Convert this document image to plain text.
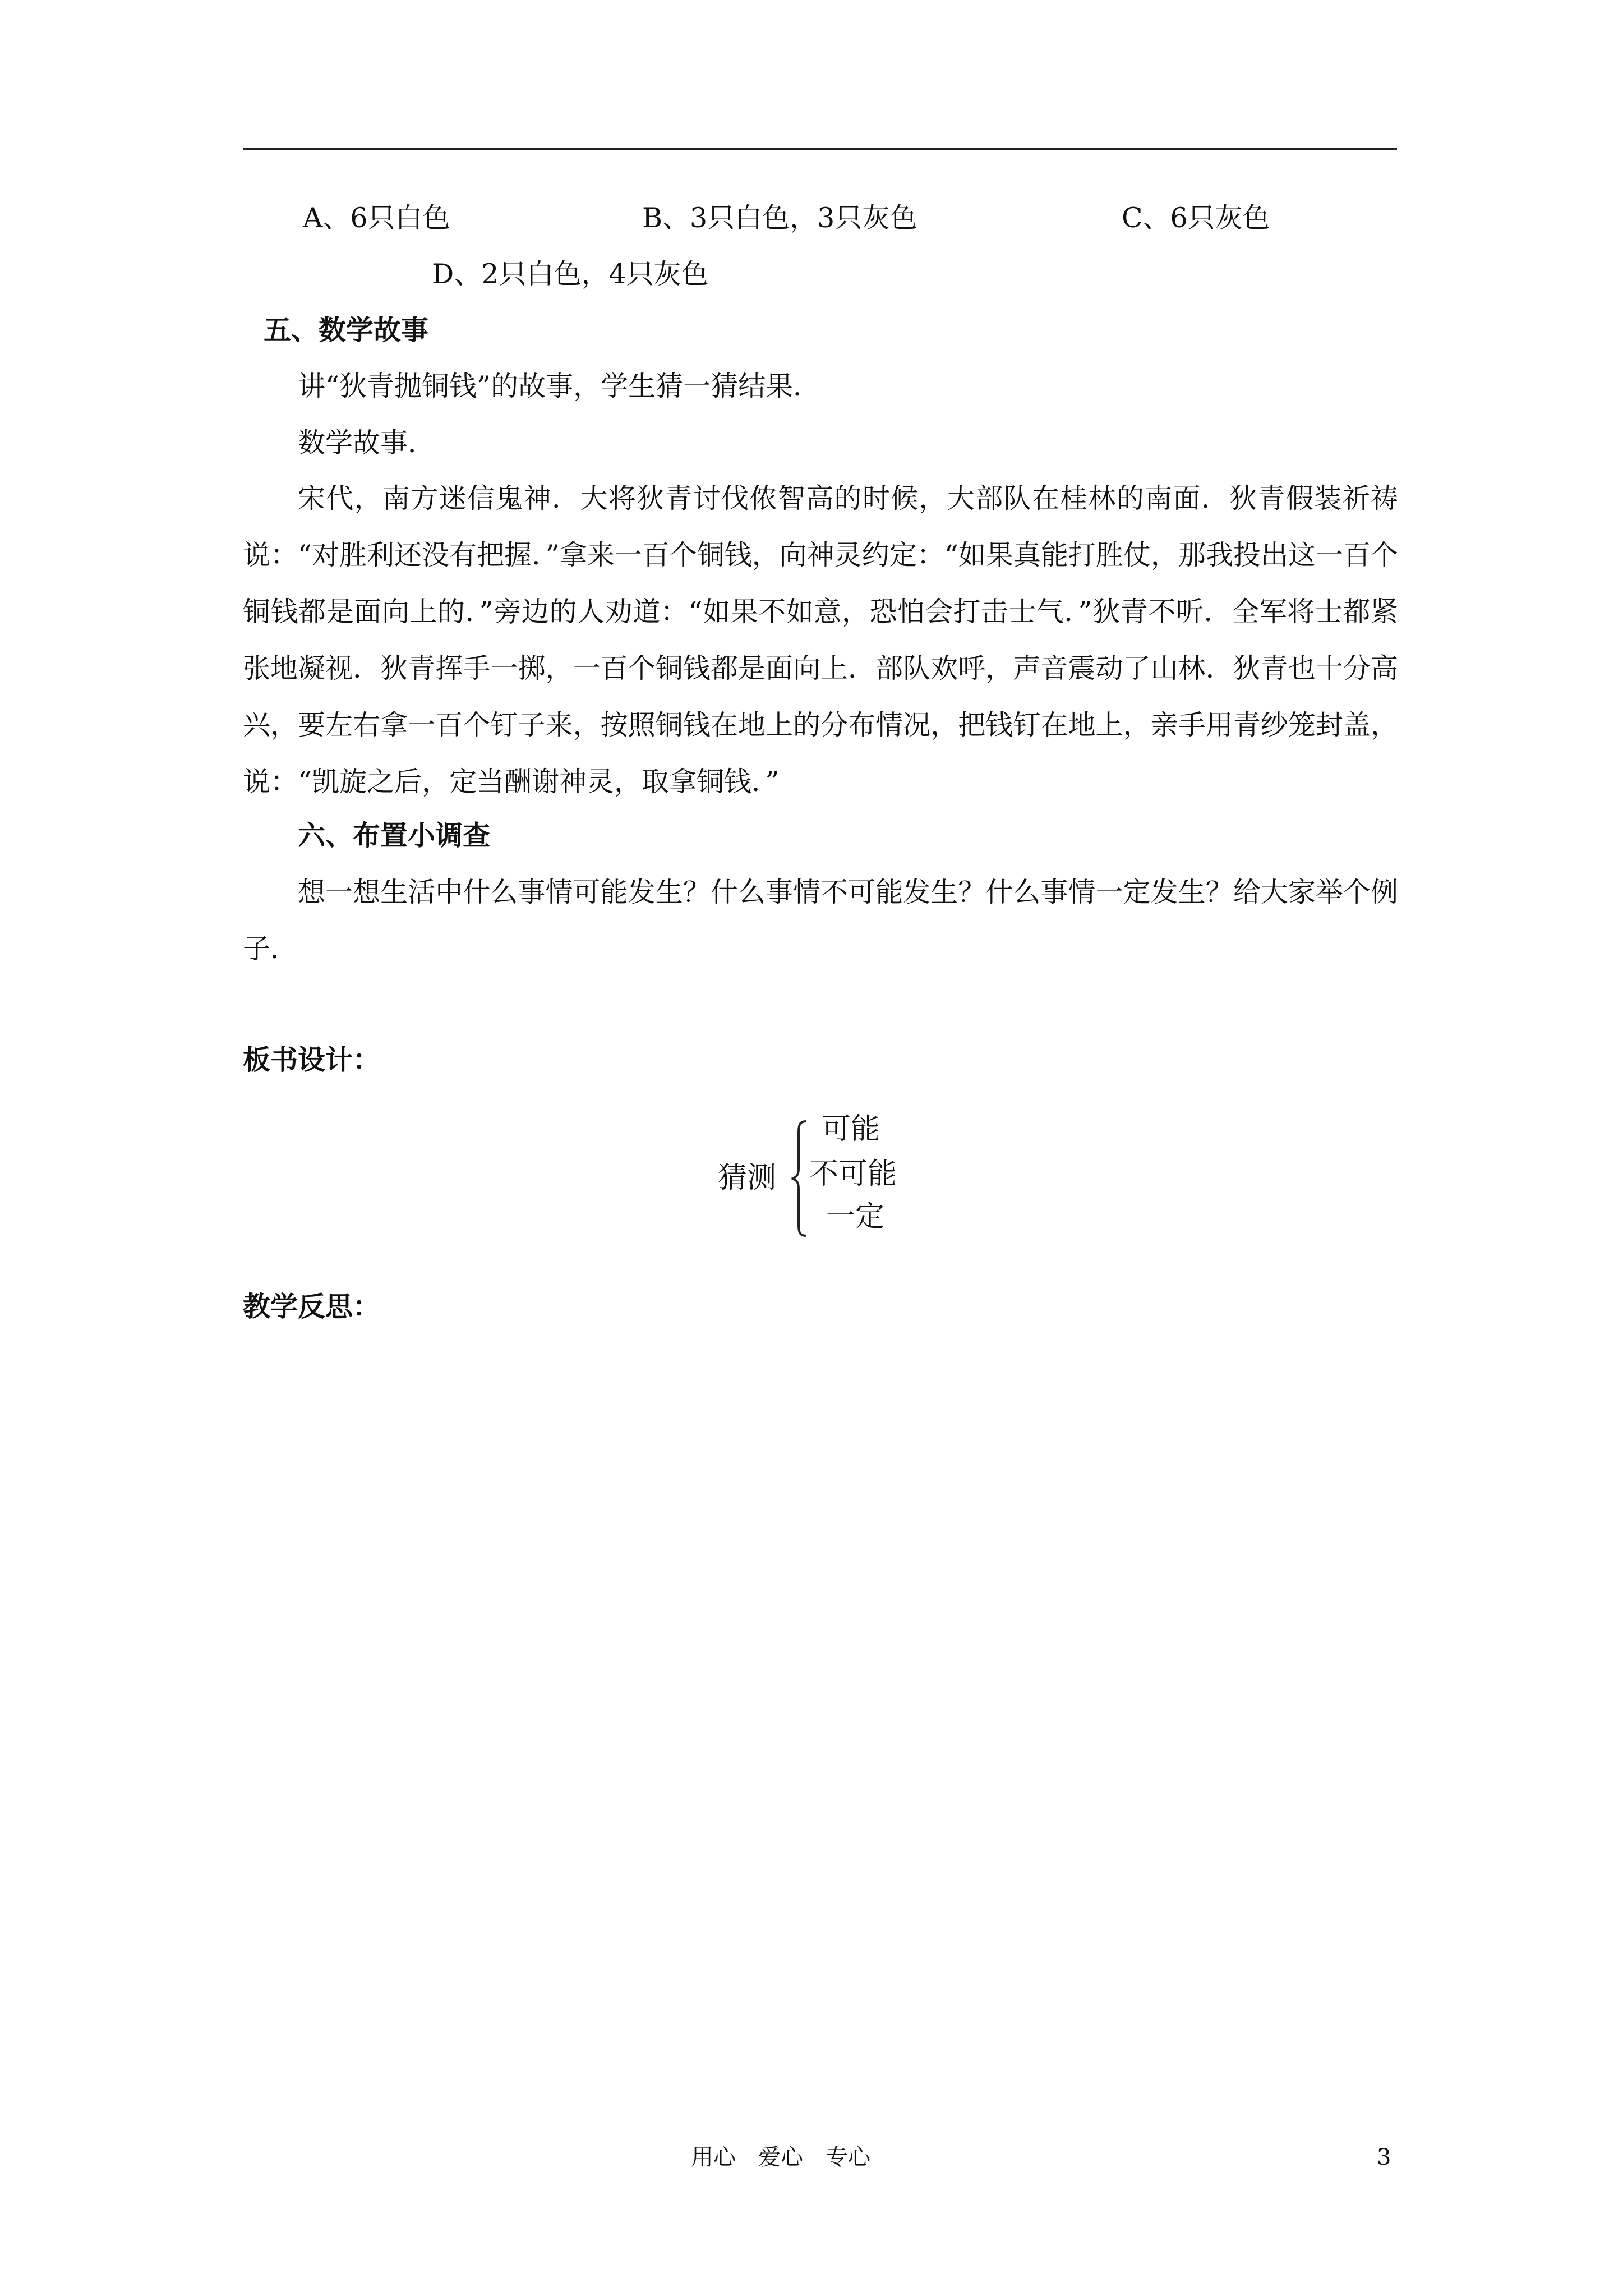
A、6只白色	B、3只白色，3只灰色	C、6只灰色
D、2只白色，4只灰色
五、数学故事
讲“狄青抛铜钱”的故事，学生猜一猜结果．
数学故事．
宋代，南方迷信鬼神．大将狄青讨伐侬智高的时候，大部队在桂林的南面．狄青假装祈祷说：“对胜利还没有把握．”拿来一百个铜钱，向神灵约定：“如果真能打胜仗，那我投出这一百个铜钱都是面向上的．”旁边的人劝道：“如果不如意，恐怕会打击士气．”狄青不听．全军将士都紧张地凝视．狄青挥手一掷，一百个铜钱都是面向上．部队欢呼，声音震动了山林．狄青也十分高兴，要左右拿一百个钉子来，按照铜钱在地上的分布情况，把钱钉在地上，亲手用青纱笼封盖，说：“凯旋之后，定当酬谢神灵，取拿铜钱．”
六、布置小调查
想一想生活中什么事情可能发生？什么事情不可能发生？什么事情一定发生？给大家举个例子．
板书设计：
猜测
可能
不可能
一定
教学反思：
用心　爱心　专心	3
